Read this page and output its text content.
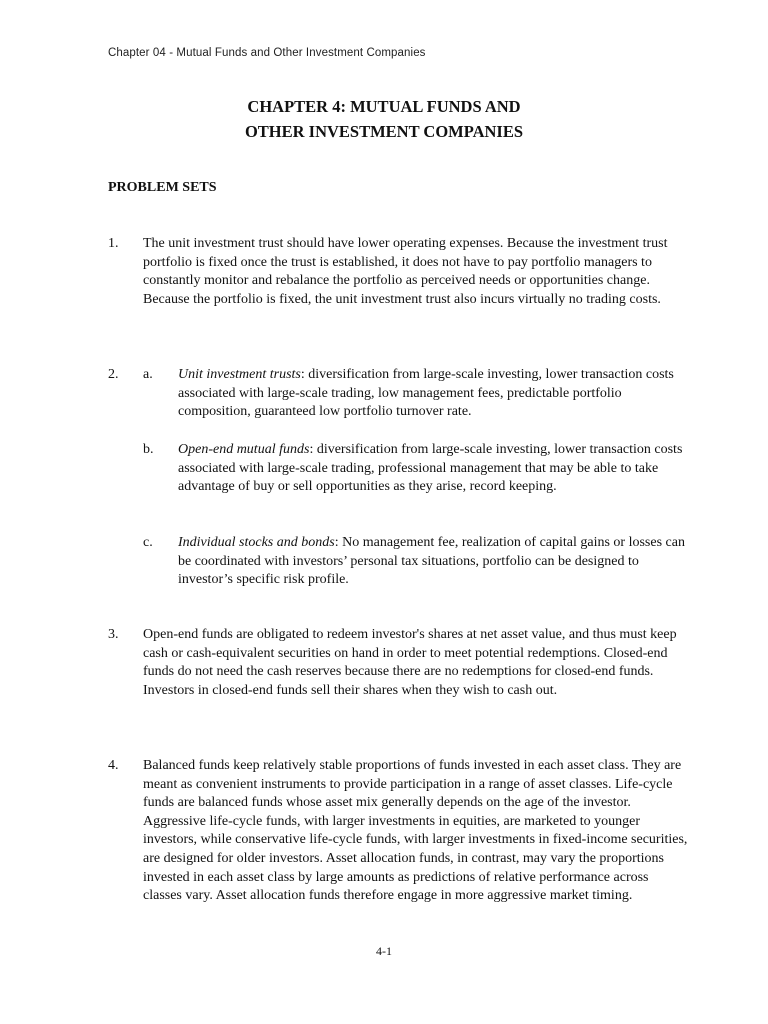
Chapter 04 - Mutual Funds and Other Investment Companies
CHAPTER 4: MUTUAL FUNDS AND
OTHER INVESTMENT COMPANIES
PROBLEM SETS
1. The unit investment trust should have lower operating expenses. Because the investment trust portfolio is fixed once the trust is established, it does not have to pay portfolio managers to constantly monitor and rebalance the portfolio as perceived needs or opportunities change. Because the portfolio is fixed, the unit investment trust also incurs virtually no trading costs.
2. a. Unit investment trusts: diversification from large-scale investing, lower transaction costs associated with large-scale trading, low management fees, predictable portfolio composition, guaranteed low portfolio turnover rate.
b. Open-end mutual funds: diversification from large-scale investing, lower transaction costs associated with large-scale trading, professional management that may be able to take advantage of buy or sell opportunities as they arise, record keeping.
c. Individual stocks and bonds: No management fee, realization of capital gains or losses can be coordinated with investors’ personal tax situations, portfolio can be designed to investor’s specific risk profile.
3. Open-end funds are obligated to redeem investor's shares at net asset value, and thus must keep cash or cash-equivalent securities on hand in order to meet potential redemptions. Closed-end funds do not need the cash reserves because there are no redemptions for closed-end funds. Investors in closed-end funds sell their shares when they wish to cash out.
4. Balanced funds keep relatively stable proportions of funds invested in each asset class. They are meant as convenient instruments to provide participation in a range of asset classes. Life-cycle funds are balanced funds whose asset mix generally depends on the age of the investor. Aggressive life-cycle funds, with larger investments in equities, are marketed to younger investors, while conservative life-cycle funds, with larger investments in fixed-income securities, are designed for older investors. Asset allocation funds, in contrast, may vary the proportions invested in each asset class by large amounts as predictions of relative performance across classes vary. Asset allocation funds therefore engage in more aggressive market timing.
4-1
